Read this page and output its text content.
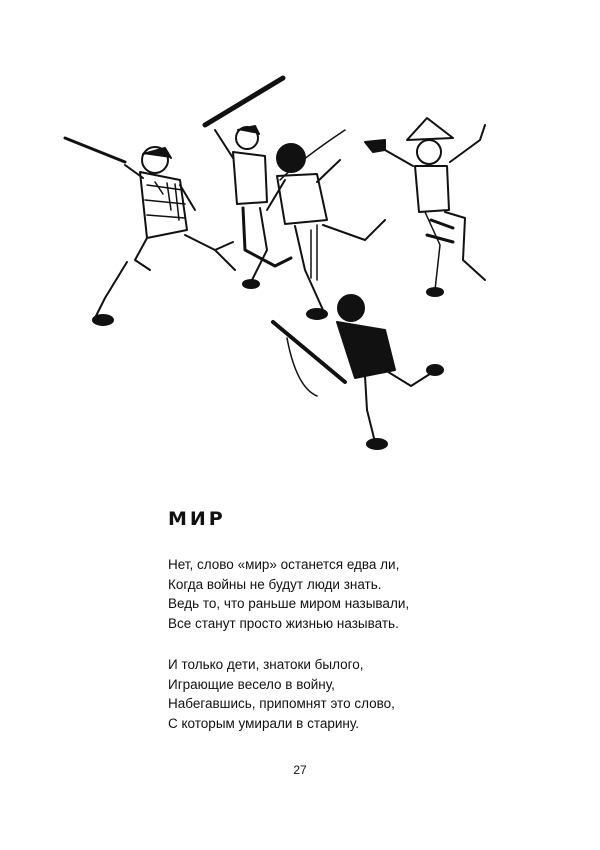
МИР
Нет, слово «мир» останется едва ли,
Когда войны не будут люди знать.
Ведь то, что раньше миром называли,
Все станут просто жизнью называть.
И только дети, знатоки былого,
Играющие весело в войну,
Набегавшись, припомнят это слово,
С которым умирали в старину.
27
